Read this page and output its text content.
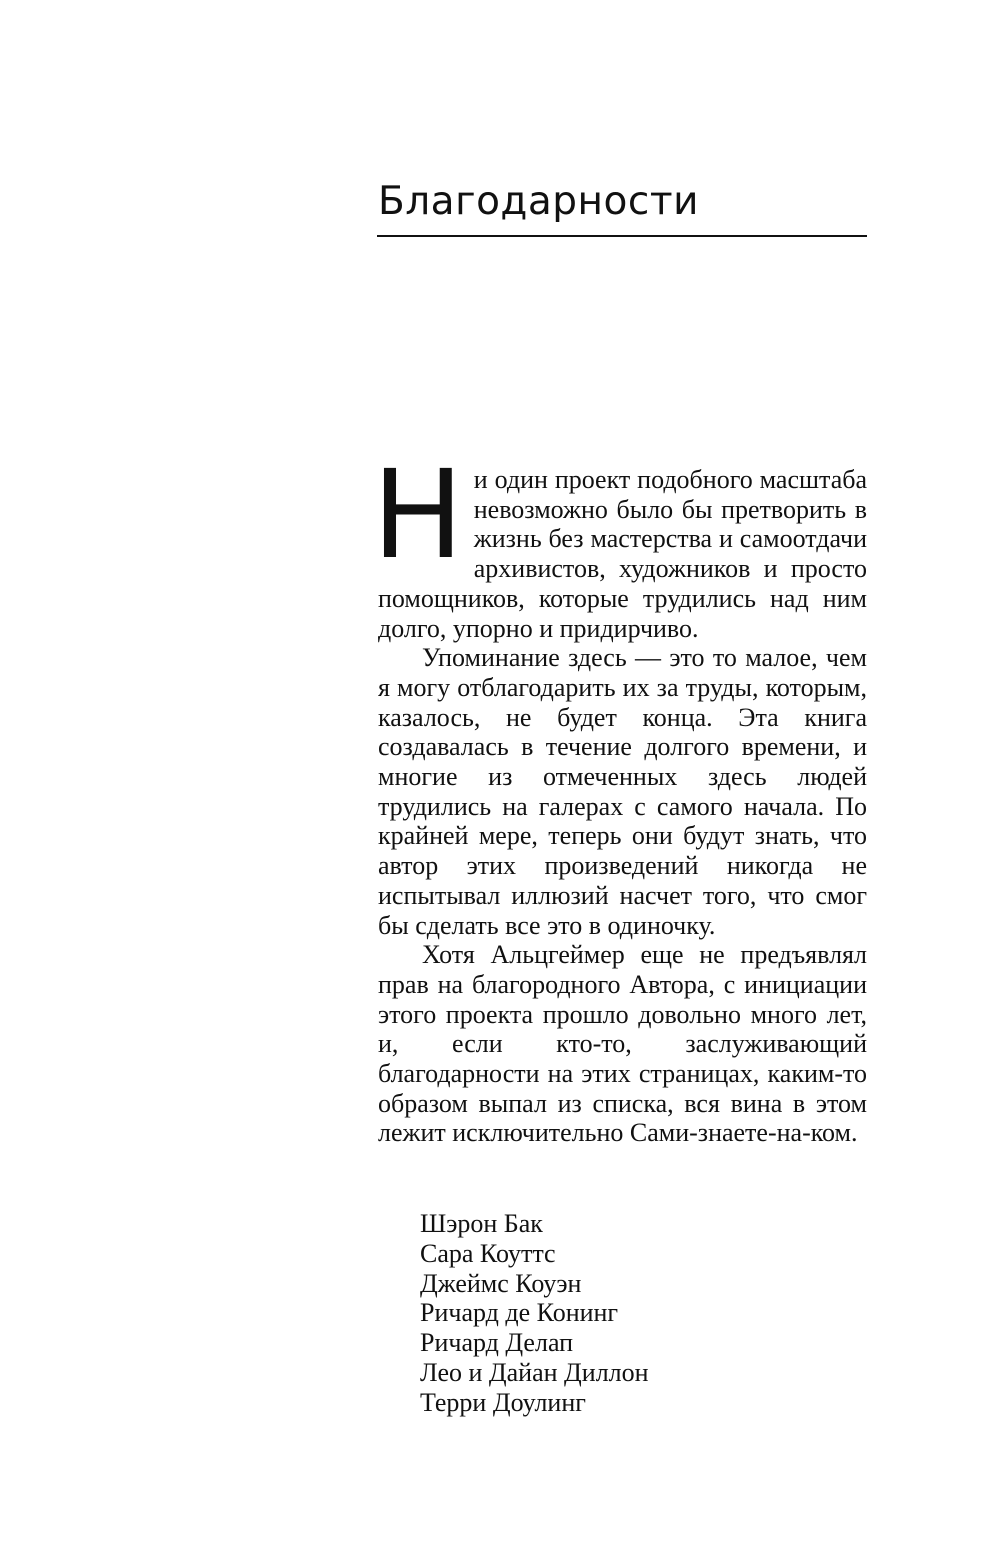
Благодарности

Ни один проект подобного масштаба невозможно было бы претворить в жизнь без мастерства и самоотдачи архивистов, художников и просто помощников, которые трудились над ним долго, упорно и придирчиво.

Упоминание здесь — это то малое, чем я могу отблагодарить их за труды, которым, казалось, не будет конца. Эта книга создавалась в течение долгого времени, и многие из отмеченных здесь людей трудились на галерах с самого начала. По крайней мере, теперь они будут знать, что автор этих произведений никогда не испытывал иллюзий насчет того, что смог бы сделать все это в одиночку.

Хотя Альцгеймер еще не предъявлял прав на благородного Автора, с инициации этого проекта прошло довольно много лет, и, если кто-то, заслуживающий благодарности на этих страницах, каким-то образом выпал из списка, вся вина в этом лежит исключительно Сами-знаете-на-ком.

Шэрон Бак
Сара Коуттс
Джеймс Коуэн
Ричард де Конинг
Ричард Делап
Лео и Дайан Диллон
Терри Доулинг
